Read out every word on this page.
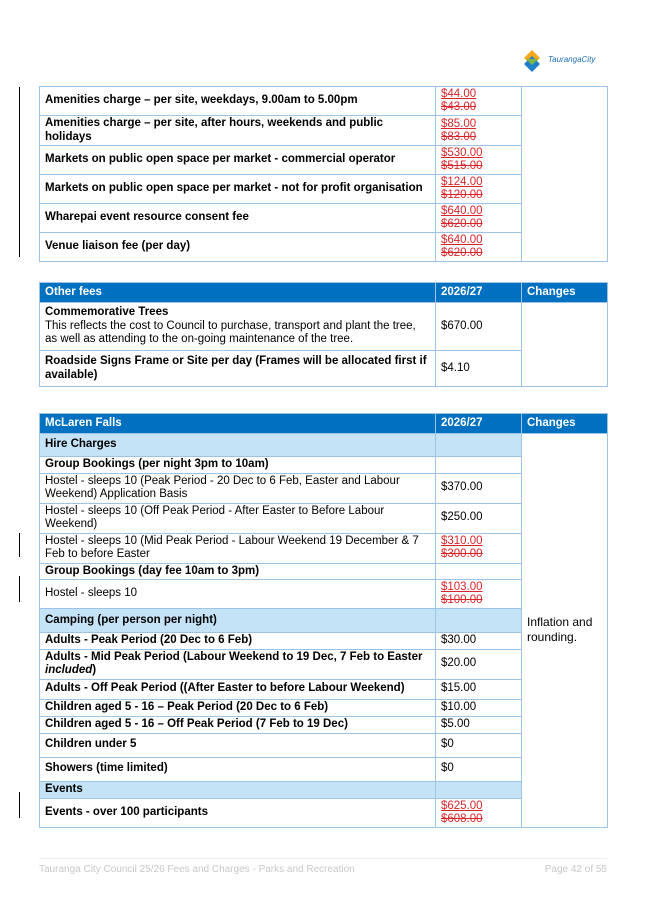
TaurangaCity
Amenities charge – per site, weekdays, 9.00am to 5.00pm	$44.00
$43.00	

Amenities charge – per site, after hours, weekends and public holidays	$85.00
$83.00	

Markets on public open space per market - commercial operator	$530.00
$515.00	

Markets on public open space per market - not for profit organisation	$124.00
$120.00	

Wharepai event resource consent fee	$640.00
$620.00	

Venue liaison fee (per day)	$640.00
$620.00	
Other fees	2026/27	Changes
Commemorative Trees
This reflects the cost to Council to purchase, transport and plant the tree, as well as attending to the on-going maintenance of the tree.	$670.00	
Roadside Signs Frame or Site per day (Frames will be allocated first if available)	$4.10	
McLaren Falls	2026/27	Changes
Hire Charges		Inflation and rounding.

Group Bookings (per night 3pm to 10am)		
Hostel - sleeps 10 (Peak Period - 20 Dec to 6 Feb, Easter and Labour Weekend) Application Basis	$370.00	
Hostel - sleeps 10 (Off Peak Period - After Easter to Before Labour Weekend)	$250.00	
Hostel - sleeps 10 (Mid Peak Period - Labour Weekend 19 December & 7 Feb to before Easter	$310.00
$300.00	

Group Bookings (day fee 10am to 3pm)		
Hostel - sleeps 10	$103.00
$100.00	

Camping (per person per night)		
Adults - Peak Period (20 Dec to 6 Feb)	$30.00	
Adults - Mid Peak Period (Labour Weekend to 19 Dec, 7 Feb to Easter included)	$20.00	
Adults - Off Peak Period ((After Easter to before Labour Weekend)	$15.00	
Children aged 5 - 16 – Peak Period (20 Dec to 6 Feb)	$10.00	
Children aged 5 - 16 – Off Peak Period (7 Feb to 19 Dec)	$5.00	
Children under 5	$0	
Showers (time limited)	$0	
Events		
Events - over 100 participants	$625.00
$608.00	
Tauranga City Council 25/26 Fees and Charges - Parks and Recreation	Page 42 of 55
